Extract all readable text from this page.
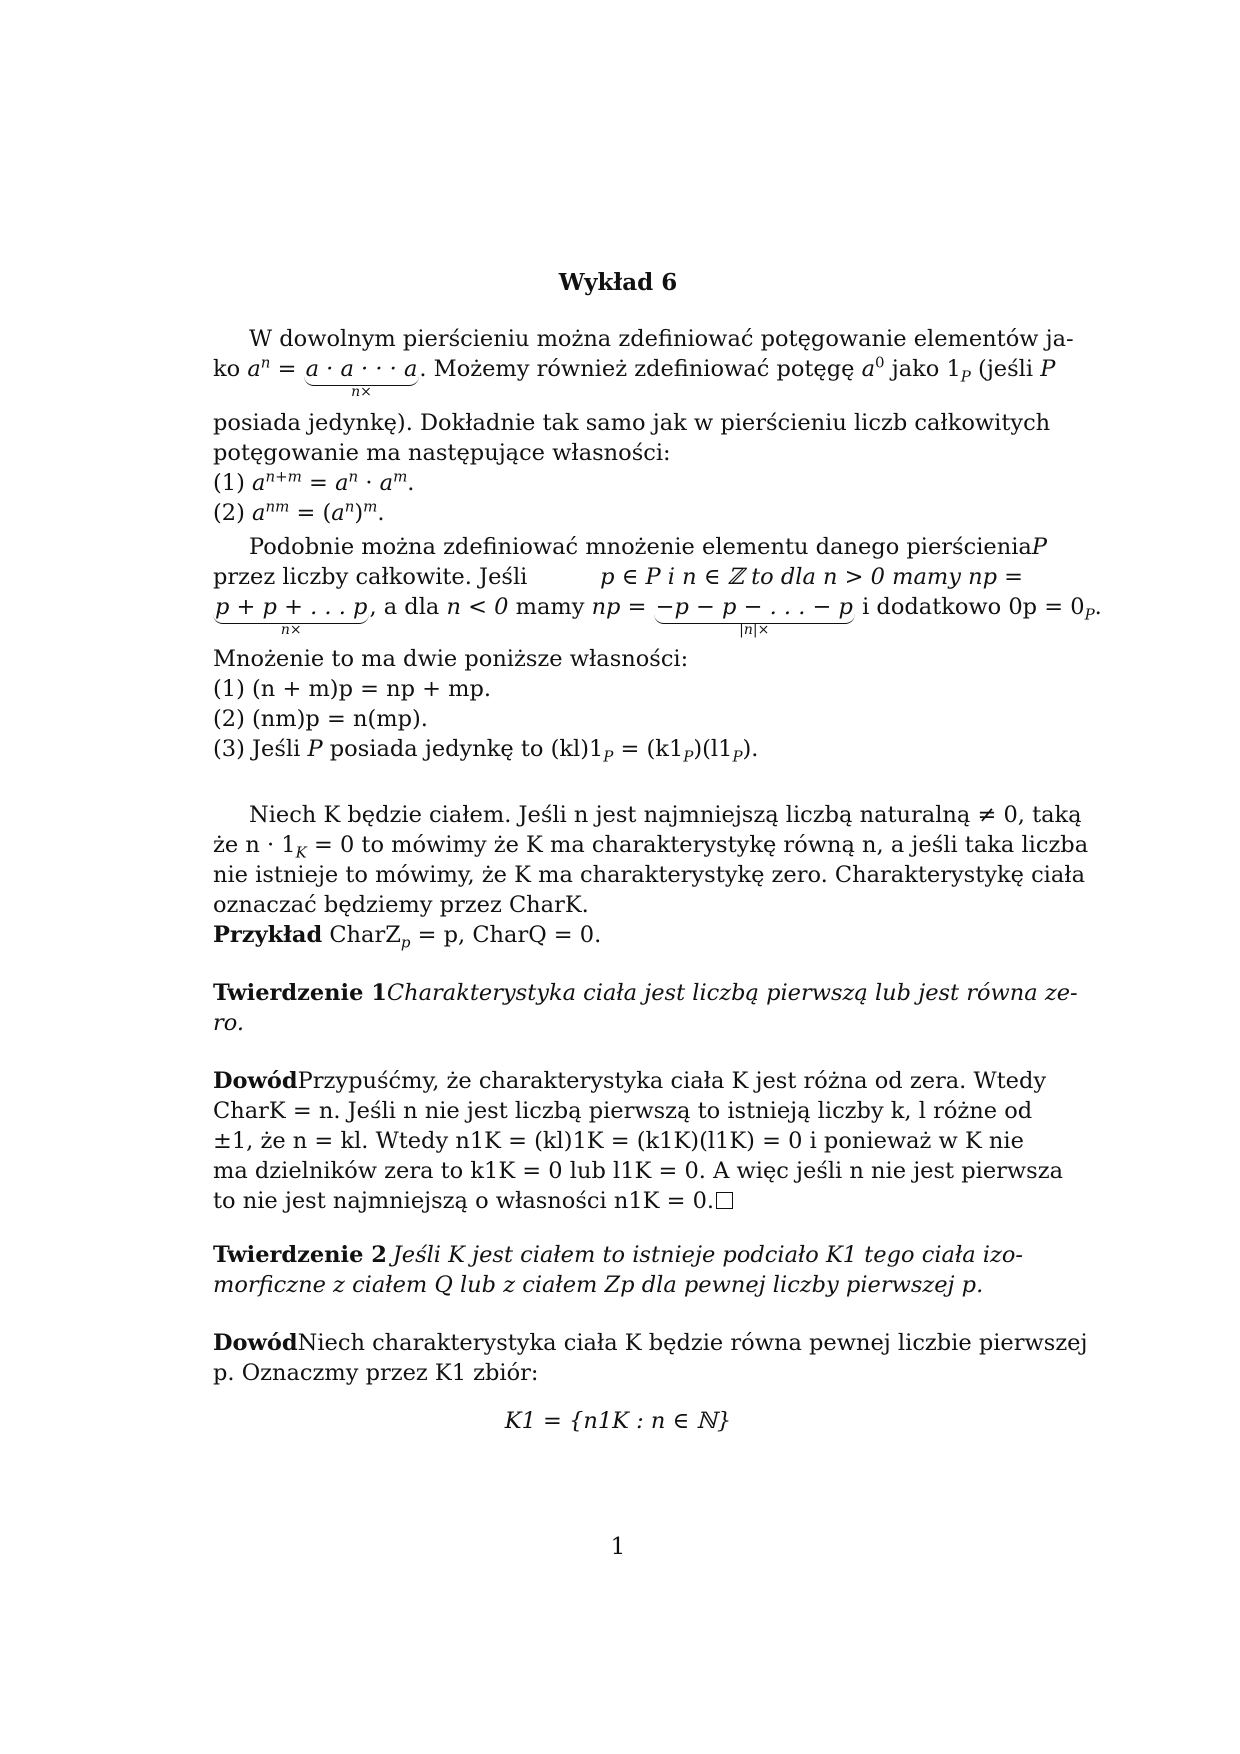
Wykład 6
W dowolnym pierścieniu można zdefiniować potęgowanie elementów ja-
ko $a^n = a \cdot a$ · · · a
n×
. Możemy również zdefiniować potęgę $a^0$ jako $1_P$ (jeśli P
posiada jedynkę). Dokładnie tak samo jak w pierścieniu liczb całkowitych
potęgowanie ma następujące własności:
(1) $a^{n+m} = a^n \cdot a^m$.
(2) $a^{nm} = (a^n)^m$.
Podobnie można zdefiniować mnożenie elementu danego pierścienia P
przez liczby całkowite. Jeśli	p ∈ P i n ∈ ℤ to dla n > 0 mamy np =
p + p + . . . p
n×
, a dla n < 0 mamy np = −p − p − . . . − p
|n|×
i dodatkowo $0p = 0_P$.
Mnożenie to ma dwie poniższe własności:
(1) (n + m)p = np + mp.
(2) (nm)p = n(mp).
(3) Jeśli P posiada jedynkę to $(kl)1_P = (k1_P)(l1_P)$.
Niech K będzie ciałem. Jeśli n jest najmniejszą liczbą naturalną ≠ 0, taką
że $n \cdot 1_K = 0$ to mówimy że K ma charakterystykę równą n, a jeśli taka liczba
nie istnieje to mówimy, że K ma charakterystykę zero. Charakterystykę ciała
oznaczać będziemy przez CharK.
Przykład CharZ$_p$ = p, CharQ = 0.
Twierdzenie 1 Charakterystyka ciała jest liczbą pierwszą lub jest równa ze-
ro.
Dowód Przypuśćmy, że charakterystyka ciała K jest różna od zera. Wtedy
CharK = n. Jeśli n nie jest liczbą pierwszą to istnieją liczby k, l różne od
±1, że n = kl. Wtedy n1K = (kl)1K = (k1K)(l1K) = 0 i ponieważ w K nie
ma dzielników zera to k1K = 0 lub l1K = 0. A więc jeśli n nie jest pierwsza
to nie jest najmniejszą o własności n1K = 0.
Twierdzenie 2 Jeśli K jest ciałem to istnieje podciało K1 tego ciała izo-
morficzne z ciałem Q lub z ciałem Zp dla pewnej liczby pierwszej p.
Dowód Niech charakterystyka ciała K będzie równa pewnej liczbie pierwszej
p. Oznaczmy przez K1 zbiór:
K1 = {n1K : n ∈ ℕ}
1
